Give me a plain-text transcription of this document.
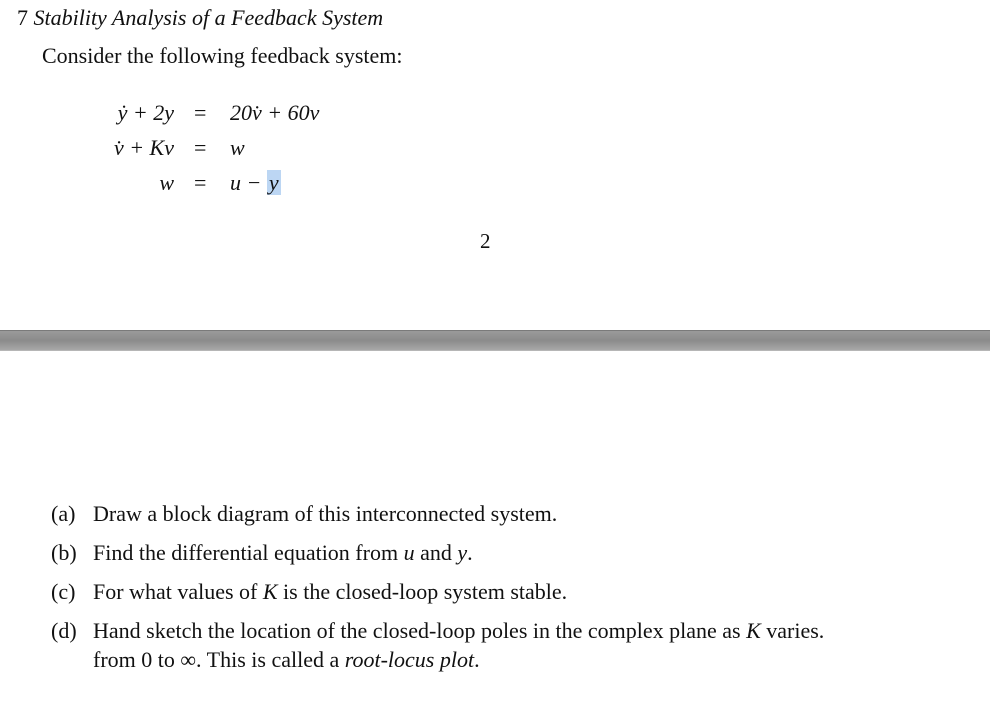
7 Stability Analysis of a Feedback System
Consider the following feedback system:
ẏ + 2y = 20v̇ + 60v
v̇ + Kv = w
w = u − y
2
(a) Draw a block diagram of this interconnected system.
(b) Find the differential equation from u and y.
(c) For what values of K is the closed-loop system stable.
(d) Hand sketch the location of the closed-loop poles in the complex plane as K varies.
from 0 to ∞. This is called a root-locus plot.
